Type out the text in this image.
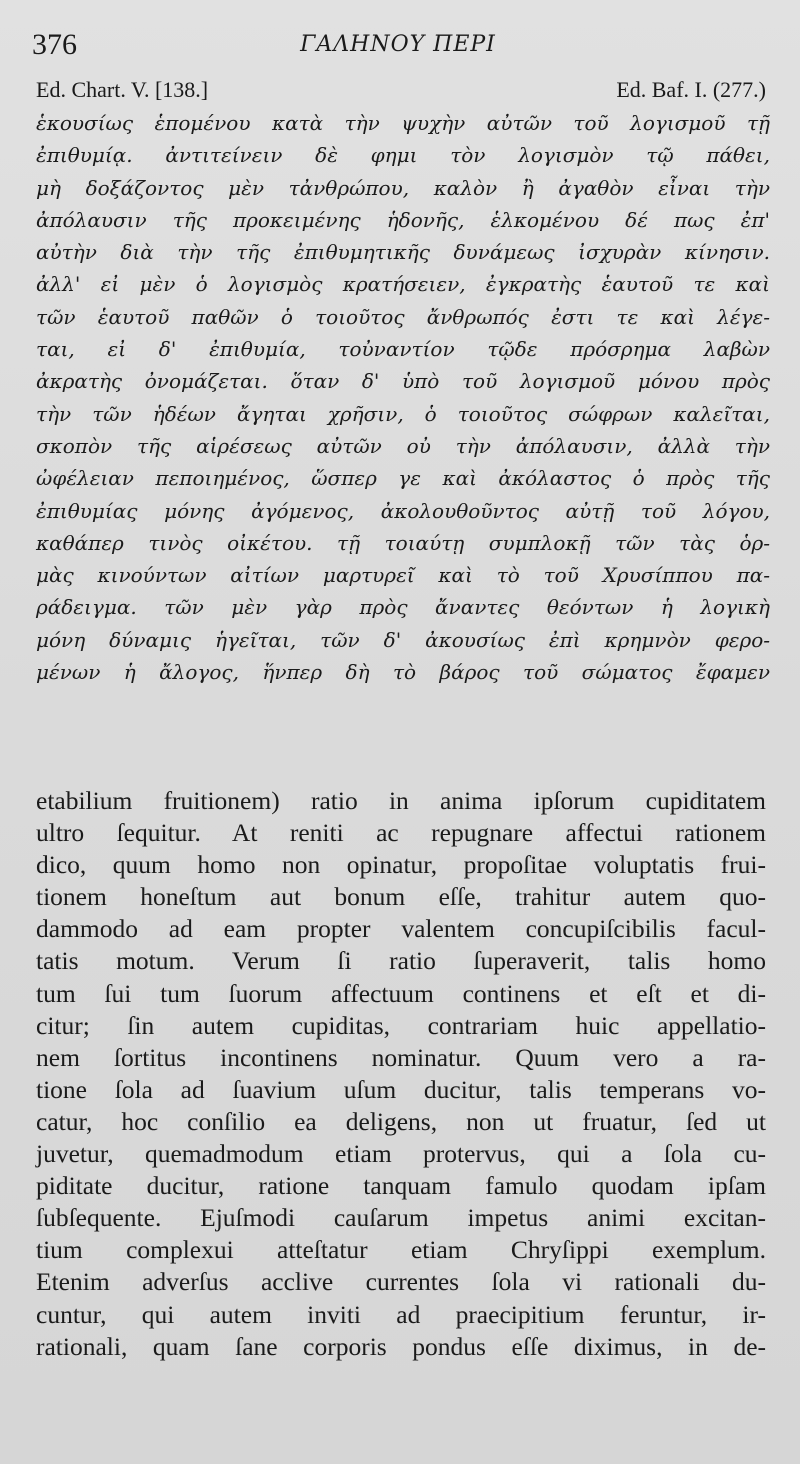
376	ΓΑΛΗΝΟΥ ΠΕΡΙ
Ed. Chart. V. [138.]	Ed. Baf. I. (277.)
ἑκουσίως ἑπομένου κατὰ τὴν ψυχὴν αὐτῶν τοῦ λογισμοῦ τῇ
ἐπιθυμίᾳ. ἀντιτείνειν δὲ φημι τὸν λογισμὸν τῷ πάθει,
μὴ δοξάζοντος μὲν τἀνθρώπου, καλὸν ἢ ἀγαθὸν εἶναι τὴν
ἀπόλαυσιν τῆς προκειμένης ἡδονῆς, ἑλκομένου δέ πως ἐπ'
αὐτὴν διὰ τὴν τῆς ἐπιθυμητικῆς δυνάμεως ἰσχυρὰν κίνησιν.
ἀλλ' εἰ μὲν ὁ λογισμὸς κρατήσειεν, ἐγκρατὴς ἑαυτοῦ τε καὶ
τῶν ἑαυτοῦ παθῶν ὁ τοιοῦτος ἄνθρωπός ἐστι τε καὶ λέγε-
ται, εἰ δ' ἐπιθυμία, τοὐναντίον τῷδε πρόσρημα λαβὼν
ἀκρατὴς ὀνομάζεται. ὅταν δ' ὑπὸ τοῦ λογισμοῦ μόνου πρὸς
τὴν τῶν ἡδέων ἄγηται χρῆσιν, ὁ τοιοῦτος σώφρων καλεῖται,
σκοπὸν τῆς αἱρέσεως αὐτῶν οὐ τὴν ἀπόλαυσιν, ἀλλὰ τὴν
ὠφέλειαν πεποιημένος, ὥσπερ γε καὶ ἀκόλαστος ὁ πρὸς τῆς
ἐπιθυμίας μόνης ἀγόμενος, ἀκολουθοῦντος αὐτῇ τοῦ λόγου,
καθάπερ τινὸς οἰκέτου. τῇ τοιαύτῃ συμπλοκῇ τῶν τὰς ὁρ-
μὰς κινούντων αἰτίων μαρτυρεῖ καὶ τὸ τοῦ Χρυσίππου πα-
ράδειγμα. τῶν μὲν γὰρ πρὸς ἄναντες θεόντων ἡ λογικὴ
μόνη δύναμις ἡγεῖται, τῶν δ' ἀκουσίως ἐπὶ κρημνὸν φερο-
μένων ἡ ἄλογος, ἥνπερ δὴ τὸ βάρος τοῦ σώματος ἔφαμεν
etabilium fruitionem) ratio in anima ipſorum cupiditatem
ultro ſequitur. At reniti ac repugnare affectui rationem
dico, quum homo non opinatur, propoſitae voluptatis frui-
tionem honeſtum aut bonum eſſe, trahitur autem quo-
dammodo ad eam propter valentem concupiſcibilis facul-
tatis motum. Verum ſi ratio ſuperaverit, talis homo
tum ſui tum ſuorum affectuum continens et eſt et di-
citur; ſin autem cupiditas, contrariam huic appellatio-
nem ſortitus incontinens nominatur. Quum vero a ra-
tione ſola ad ſuavium uſum ducitur, talis temperans vo-
catur, hoc conſilio ea deligens, non ut fruatur, ſed ut
juvetur, quemadmodum etiam protervus, qui a ſola cu-
piditate ducitur, ratione tanquam famulo quodam ipſam
ſubſequente. Ejuſmodi cauſarum impetus animi excitan-
tium complexui atteſtatur etiam Chryſippi exemplum.
Etenim adverſus acclive currentes ſola vi rationali du-
cuntur, qui autem inviti ad praecipitium feruntur, ir-
rationali, quam ſane corporis pondus eſſe diximus, in de-
